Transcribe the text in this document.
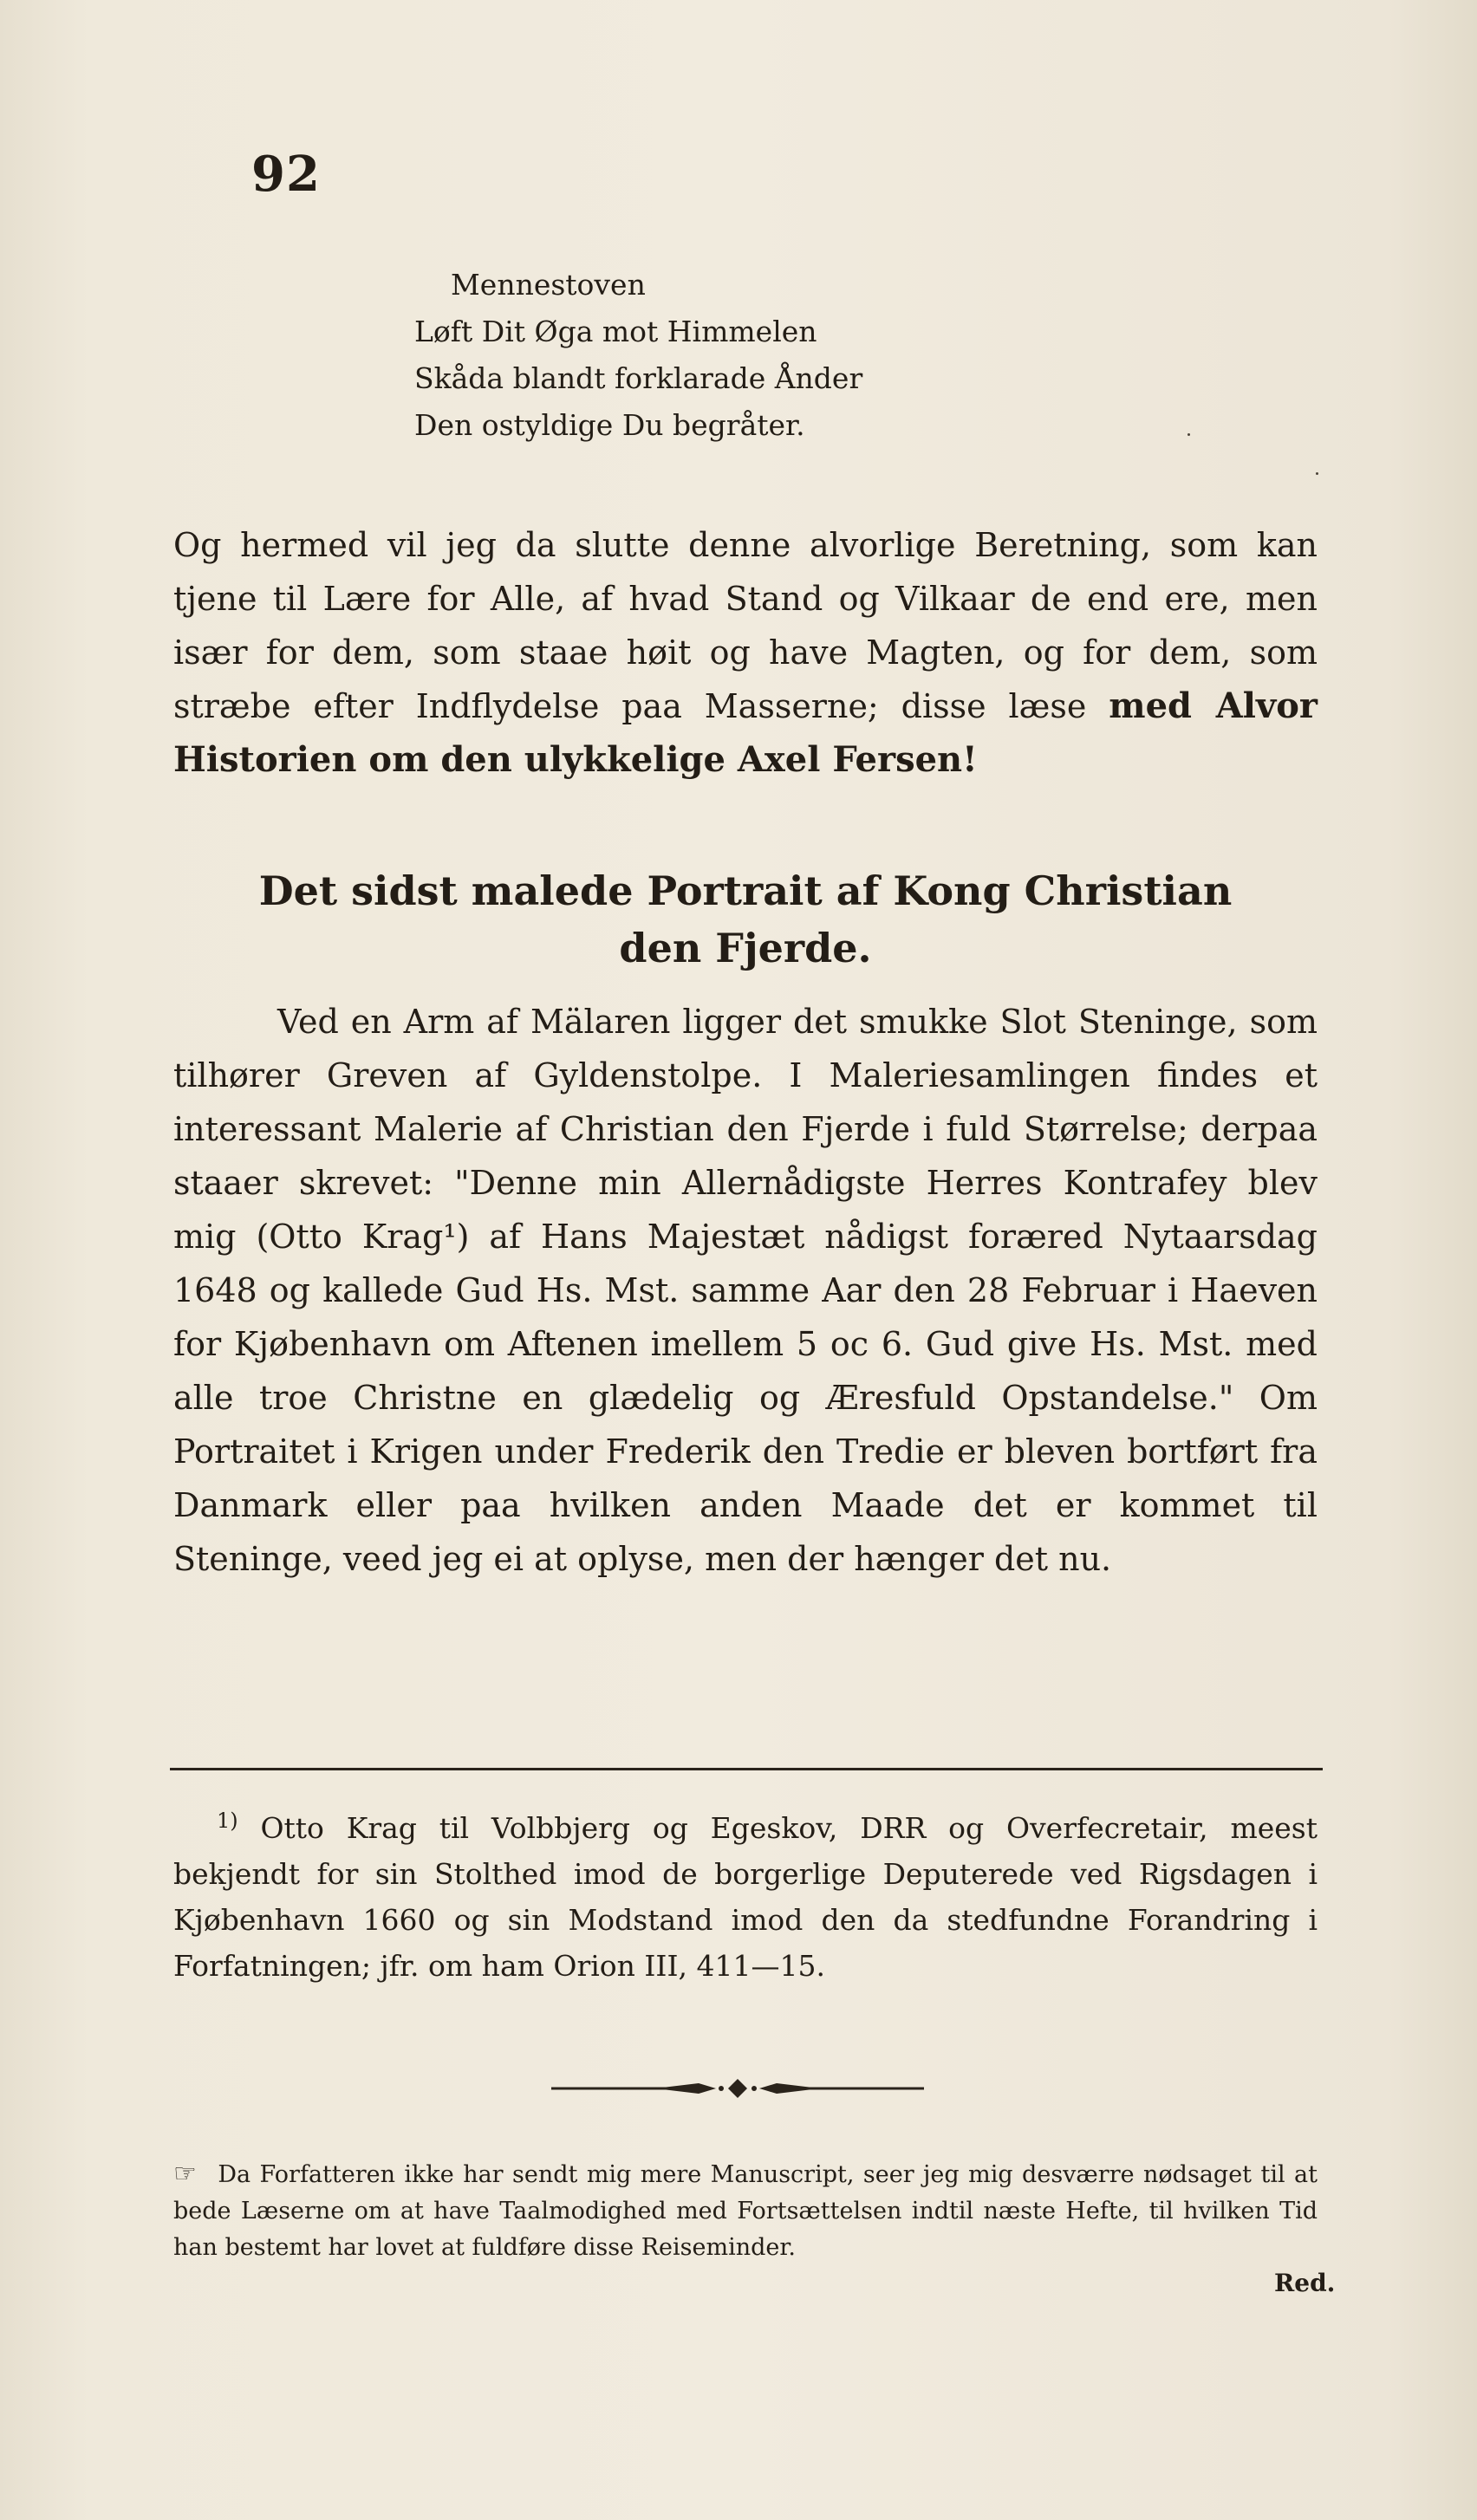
92
Mennestoven
Løft Dit Øga mot Himmelen
Skåda blandt forklarade Ånder
Den ostyldige Du begråter.
Og hermed vil jeg da slutte denne alvorlige Beretning, som kan tjene til Lære for Alle, af hvad Stand og Vilkaar de end ere, men især for dem, som staae høit og have Magten, og for dem, som stræbe efter Indflydelse paa Masserne; disse læse med Alvor Historien om den ulykkelige Axel Fersen!
Det sidst malede Portrait af Kong Christian
den Fjerde.
Ved en Arm af Mälaren ligger det smukke Slot Steninge, som tilhører Greven af Gyldenstolpe. I Maleriesamlingen findes et interessant Malerie af Christian den Fjerde i fuld Størrelse; derpaa staaer skrevet: "Denne min Allernådigste Herres Kontrafey blev mig (Otto Krag¹) af Hans Majestæt nådigst foræred Nytaarsdag 1648 og kallede Gud Hs. Mst. samme Aar den 28 Februar i Haeven for Kjøbenhavn om Aftenen imellem 5 oc 6. Gud give Hs. Mst. med alle troe Christne en glædelig og Æresfuld Opstandelse." Om Portraitet i Krigen under Frederik den Tredie er bleven bortført fra Danmark eller paa hvilken anden Maade det er kommet til Steninge, veed jeg ei at oplyse, men der hænger det nu.
$^{1)}$ Otto Krag til Volbbjerg og Egeskov, DRR og Overfecretair, meest bekjendt for sin Stolthed imod de borgerlige Deputerede ved Rigsdagen i Kjøbenhavn 1660 og sin Modstand imod den da stedfundne Forandring i Forfatningen; jfr. om ham Orion III, 411—15.
☞ Da Forfatteren ikke har sendt mig mere Manuscript, seer jeg mig desværre nødsaget til at bede Læserne om at have Taalmodighed med Fortsættelsen indtil næste Hefte, til hvilken Tid han bestemt har lovet at fuldføre disse Reiseminder.
Red.
